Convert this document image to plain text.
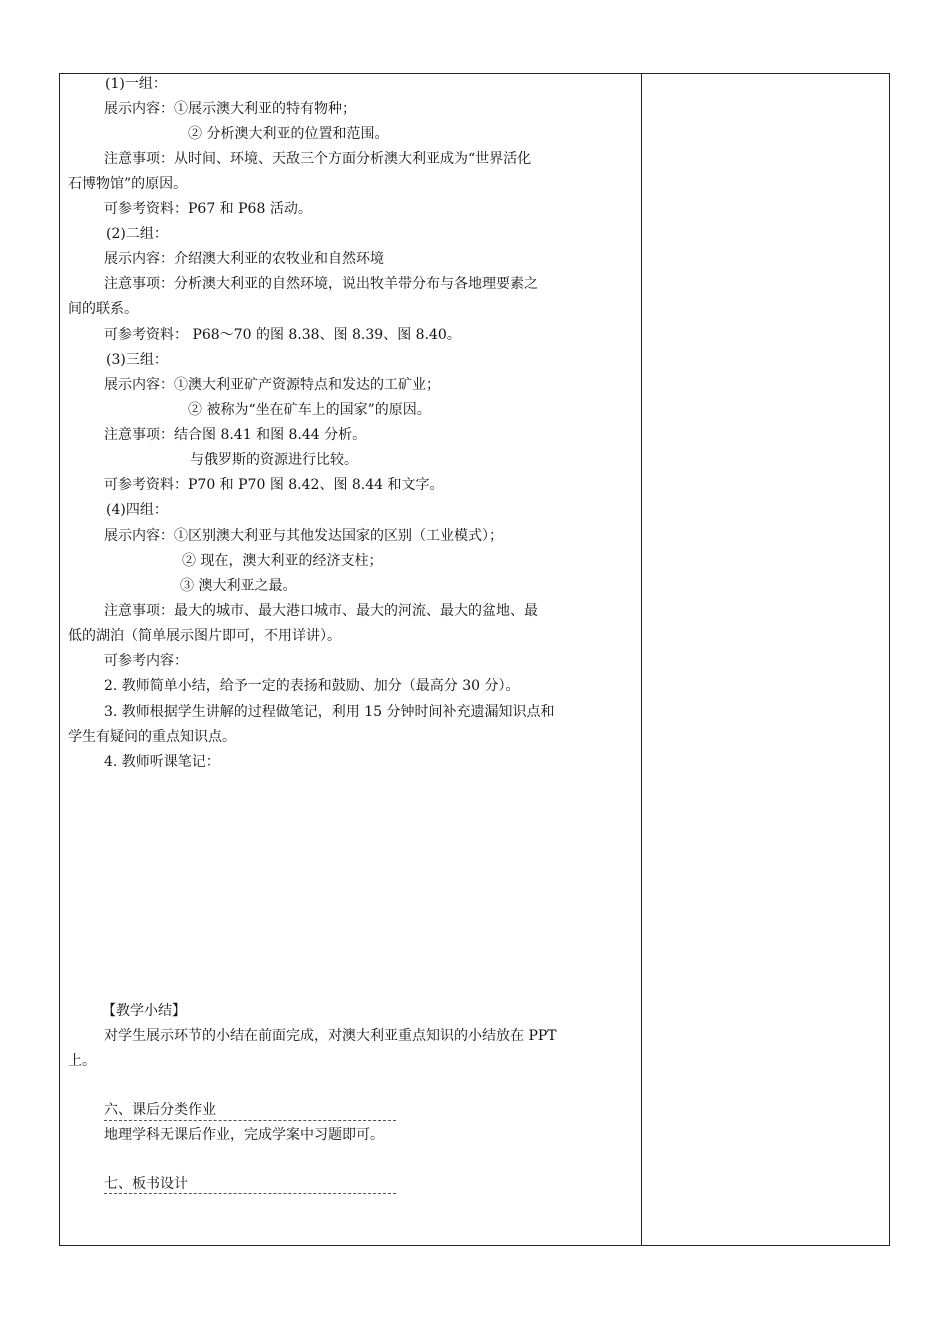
(1)一组：
展示内容：①展示澳大利亚的特有物种；
② 分析澳大利亚的位置和范围。
注意事项：从时间、环境、天敌三个方面分析澳大利亚成为“世界活化
石博物馆”的原因。
可参考资料：P67 和 P68 活动。
(2)二组：
展示内容：介绍澳大利亚的农牧业和自然环境
注意事项：分析澳大利亚的自然环境，说出牧羊带分布与各地理要素之
间的联系。
可参考资料： P68～70 的图 8.38、图 8.39、图 8.40。
(3)三组：
展示内容：①澳大利亚矿产资源特点和发达的工矿业；
② 被称为“坐在矿车上的国家”的原因。
注意事项：结合图 8.41 和图 8.44 分析。
与俄罗斯的资源进行比较。
可参考资料：P70 和 P70 图 8.42、图 8.44 和文字。
(4)四组：
展示内容：①区别澳大利亚与其他发达国家的区别（工业模式）；
② 现在，澳大利亚的经济支柱；
③ 澳大利亚之最。
注意事项：最大的城市、最大港口城市、最大的河流、最大的盆地、最
低的湖泊（简单展示图片即可，不用详讲）。
可参考内容：
2. 教师简单小结，给予一定的表扬和鼓励、加分（最高分 30 分）。
3. 教师根据学生讲解的过程做笔记，利用 15 分钟时间补充遗漏知识点和
学生有疑问的重点知识点。
4. 教师听课笔记：
【教学小结】
对学生展示环节的小结在前面完成，对澳大利亚重点知识的小结放在 PPT
上。
六、课后分类作业
地理学科无课后作业，完成学案中习题即可。
七、板书设计
